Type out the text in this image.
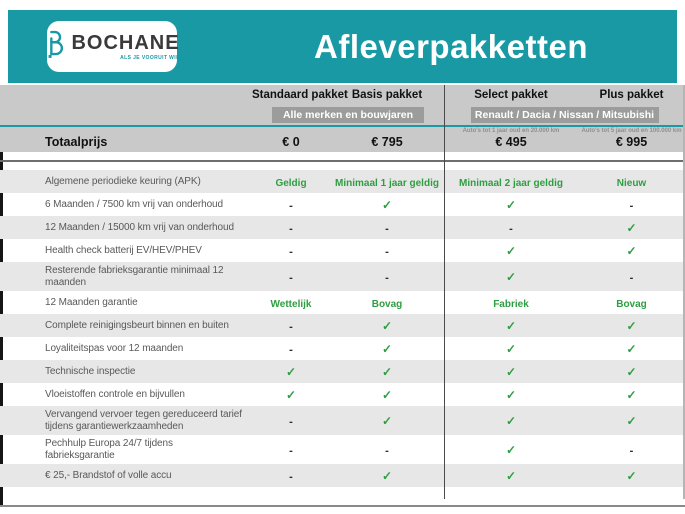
BOCHANE
ALS JE VOORUIT WIL	Afleverpakketten
Standaard pakket Basis pakket	Select pakket	Plus pakket
Alle merken en bouwjaren	Renault / Dacia / Nissan / Mitsubishi
Auto's tot 1 jaar oud en 20.000 km	Auto's tot 5 jaar oud en 100.000 km
Totaalprijs	€ 0	€ 795	€ 495	€ 995
Algemene periodieke keuring (APK)	Geldig	Minimaal 1 jaar geldig	Minimaal 2 jaar geldig	Nieuw
6 Maanden / 7500 km vrij van onderhoud	-	✓	✓	-
12 Maanden / 15000 km vrij van onderhoud	-	-	-	✓
Health check batterij EV/HEV/PHEV	-	-	✓	✓
Resterende fabrieksgarantie minimaal 12 maanden	-	-	✓	-
12 Maanden garantie	Wettelijk	Bovag	Fabriek	Bovag
Complete reinigingsbeurt binnen en buiten	-	✓	✓	✓
Loyaliteitspas voor 12 maanden	-	✓	✓	✓
Technische inspectie	✓	✓	✓	✓
Vloeistoffen controle en bijvullen	✓	✓	✓	✓
Vervangend vervoer tegen gereduceerd tarief tijdens garantiewerkzaamheden	-	✓	✓	✓
Pechhulp Europa 24/7 tijdens fabrieksgarantie	-	-	✓	-
€ 25,- Brandstof of volle accu	-	✓	✓	✓
